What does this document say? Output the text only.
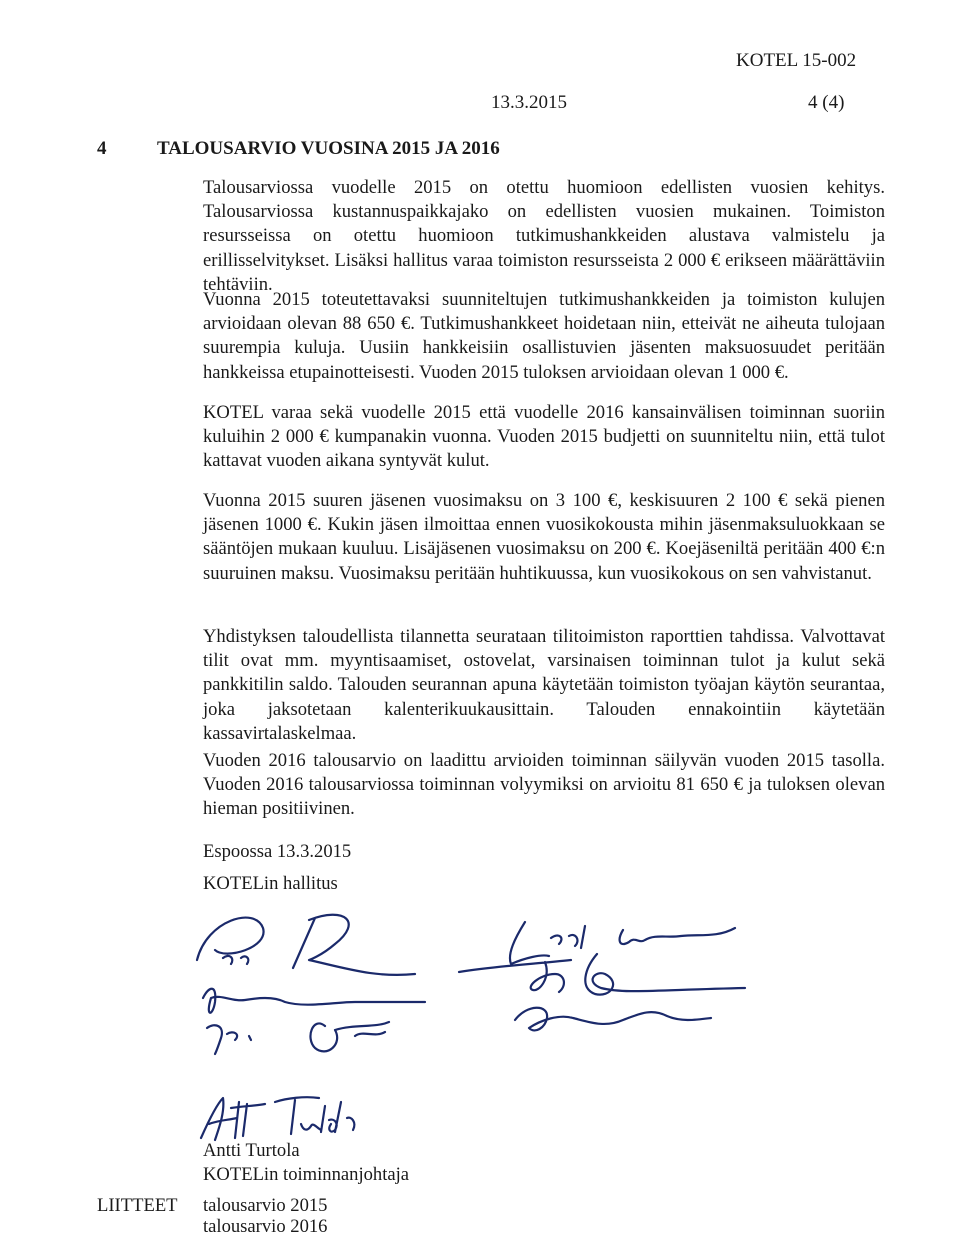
KOTEL 15-002
13.3.2015	4 (4)
4	TALOUSARVIO VUOSINA 2015 JA 2016

Talousarviossa vuodelle 2015 on otettu huomioon edellisten vuosien kehitys. Talousarviossa kustannuspaikkajako on edellisten vuosien mukainen. Toimiston resursseissa on otettu huomioon tutkimushankkeiden alustava valmistelu ja erillisselvitykset. Lisäksi hallitus varaa toimiston resursseista 2 000 € erikseen määrättäviin tehtäviin.

Vuonna 2015 toteutettavaksi suunniteltujen tutkimushankkeiden ja toimiston kulujen arvioidaan olevan 88 650 €. Tutkimushankkeet hoidetaan niin, etteivät ne aiheuta tulojaan suurempia kuluja. Uusiin hankkeisiin osallistuvien jäsenten maksuosuudet peritään hankkeissa etupainotteisesti. Vuoden 2015 tuloksen arvioidaan olevan 1 000 €.

KOTEL varaa sekä vuodelle 2015 että vuodelle 2016 kansainvälisen toiminnan suoriin kuluihin 2 000 € kumpanakin vuonna. Vuoden 2015 budjetti on suunniteltu niin, että tulot kattavat vuoden aikana syntyvät kulut.

Vuonna 2015 suuren jäsenen vuosimaksu on 3 100 €, keskisuuren 2 100 € sekä pienen jäsenen 1000 €. Kukin jäsen ilmoittaa ennen vuosikokousta mihin jäsenmaksuluokkaan se sääntöjen mukaan kuuluu. Lisäjäsenen vuosimaksu on 200 €. Koejäseniltä peritään 400 €:n suuruinen maksu. Vuosimaksu peritään huhtikuussa, kun vuosikokous on sen vahvistanut.

Yhdistyksen taloudellista tilannetta seurataan tilitoimiston raporttien tahdissa. Valvottavat tilit ovat mm. myyntisaamiset, ostovelat, varsinaisen toiminnan tulot ja kulut sekä pankkitilin saldo. Talouden seurannan apuna käytetään toimiston työajan käytön seurantaa, joka jaksotetaan kalenterikuukausittain. Talouden ennakointiin käytetään kassavirtalaskelmaa.

Vuoden 2016 talousarvio on laadittu arvioiden toiminnan säilyvän vuoden 2015 tasolla. Vuoden 2016 talousarviossa toiminnan volyymiksi on arvioitu 81 650 € ja tuloksen olevan hieman positiivinen.

Espoossa 13.3.2015
KOTELin hallitus
Antti Turtola
KOTELin toiminnanjohtaja
LIITTEET talousarvio 2015
talousarvio 2016
